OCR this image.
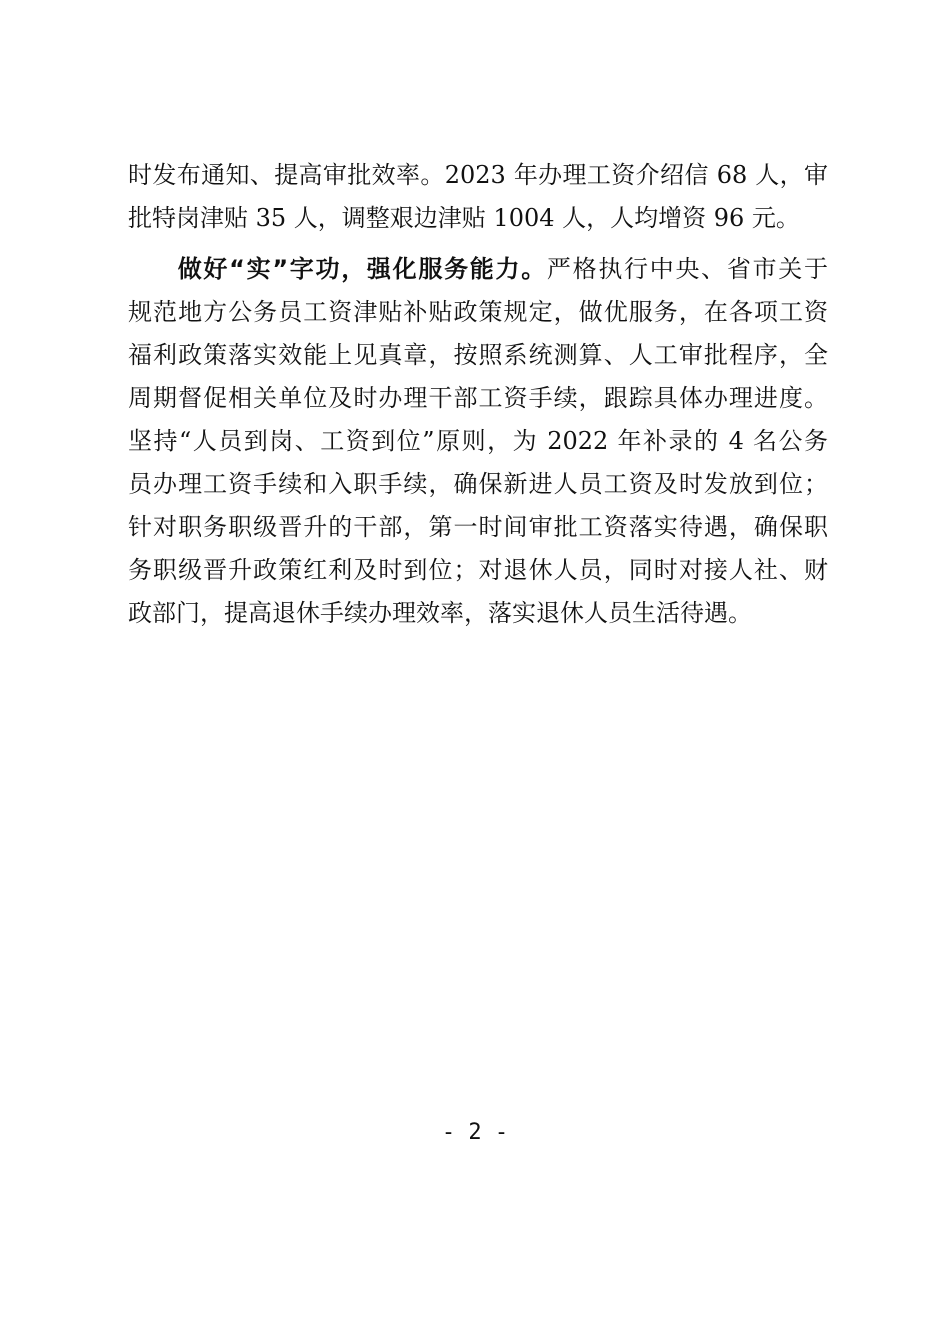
时发布通知、提高审批效率。2023 年办理工资介绍信 68 人，审
批特岗津贴 35 人，调整艰边津贴 1004 人，人均增资 96 元。
做好“实”字功，强化服务能力。严格执行中央、省市关于
规范地方公务员工资津贴补贴政策规定，做优服务，在各项工资
福利政策落实效能上见真章，按照系统测算、人工审批程序，全
周期督促相关单位及时办理干部工资手续，跟踪具体办理进度。
坚持“人员到岗、工资到位”原则，为 2022 年补录的 4 名公务
员办理工资手续和入职手续，确保新进人员工资及时发放到位；
针对职务职级晋升的干部，第一时间审批工资落实待遇，确保职
务职级晋升政策红利及时到位；对退休人员，同时对接人社、财
政部门，提高退休手续办理效率，落实退休人员生活待遇。
- 2 -
